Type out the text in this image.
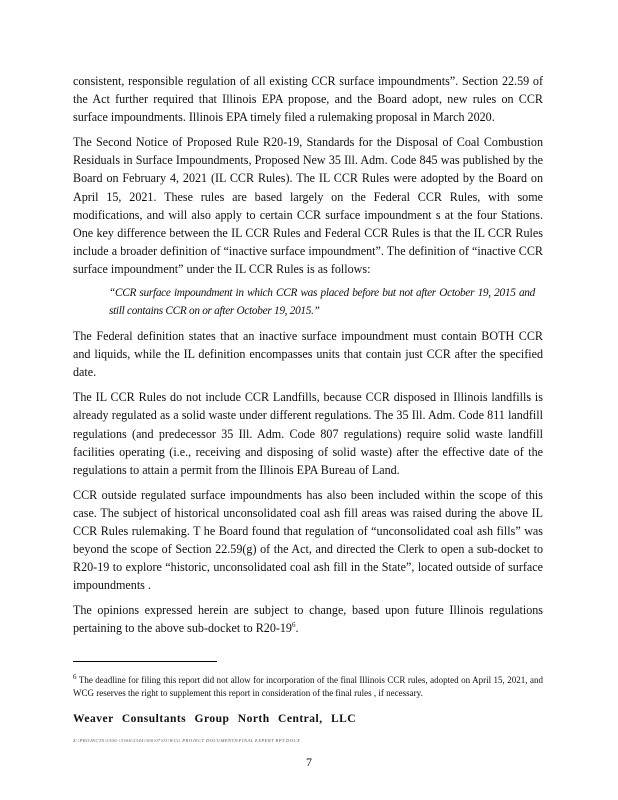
consistent, responsible regulation of all existing CCR surface impoundments”. Section 22.59 of the Act further required that Illinois EPA propose, and the Board adopt, new rules on CCR surface impoundments. Illinois EPA timely filed a rulemaking proposal in March 2020.

The Second Notice of Proposed Rule R20-19, Standards for the Disposal of Coal Combustion Residuals in Surface Impoundments, Proposed New 35 Ill. Adm. Code 845 was published by the Board on February 4, 2021 (IL CCR Rules). The IL CCR Rules were adopted by the Board on April 15, 2021. These rules are based largely on the Federal CCR Rules, with some modifications, and will also apply to certain CCR surface impoundment s at the four Stations. One key difference between the IL CCR Rules and Federal CCR Rules is that the IL CCR Rules include a broader definition of “inactive surface impoundment”. The definition of “inactive CCR surface impoundment” under the IL CCR Rules is as follows:

“CCR surface impoundment in which CCR was placed before but not after October 19, 2015 and still contains CCR on or after October 19, 2015.”

The Federal definition states that an inactive surface impoundment must contain BOTH CCR and liquids, while the IL definition encompasses units that contain just CCR after the specified date.

The IL CCR Rules do not include CCR Landfills, because CCR disposed in Illinois landfills is already regulated as a solid waste under different regulations. The 35 Ill. Adm. Code 811 landfill regulations (and predecessor 35 Ill. Adm. Code 807 regulations) require solid waste landfill facilities operating (i.e., receiving and disposing of solid waste) after the effective date of the regulations to attain a permit from the Illinois EPA Bureau of Land.

CCR outside regulated surface impoundments has also been included within the scope of this case. The subject of historical unconsolidated coal ash fill areas was raised during the above IL CCR Rules rulemaking. T he Board found that regulation of “unconsolidated coal ash fills” was beyond the scope of Section 22.59(g) of the Act, and directed the Clerk to open a sub-docket to R20-19 to explore “historic, unconsolidated coal ash fill in the State”, located outside of surface impoundments .

The opinions expressed herein are subject to change, based upon future Illinois regulations pertaining to the above sub-docket to $R20-19^6$.

$^6$ The deadline for filing this report did not allow for incorporation of the final Illinois CCR rules, adopted on April 15, 2021, and WCG reserves the right to supplement this report in consideration of the final rules , if necessary.
Weaver Consultants Group North Central, LLC
Z:\PROJECTS\3306-\3306\3344\300\07\03\WCG PROJECT DOCUMENTS\FINAL EXPERT RPT.DOCX
7
